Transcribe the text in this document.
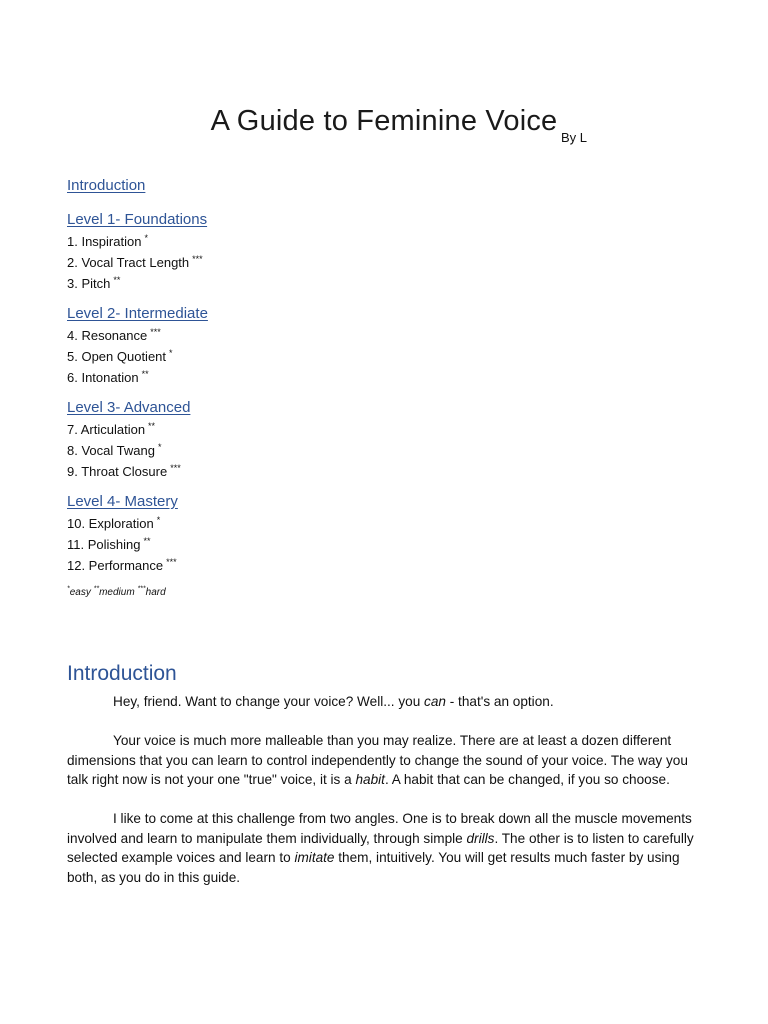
A Guide to Feminine Voice
By L
Introduction
Level 1- Foundations
1. Inspiration *
2. Vocal Tract Length ***
3. Pitch **
Level 2- Intermediate
4. Resonance ***
5. Open Quotient *
6. Intonation **
Level 3- Advanced
7. Articulation **
8. Vocal Twang *
9. Throat Closure ***
Level 4- Mastery
10. Exploration *
11. Polishing **
12. Performance ***
*easy **medium ***hard
Introduction

Hey, friend. Want to change your voice? Well... you can - that's an option.

Your voice is much more malleable than you may realize. There are at least a dozen different dimensions that you can learn to control independently to change the sound of your voice. The way you talk right now is not your one "true" voice, it is a habit. A habit that can be changed, if you so choose.

I like to come at this challenge from two angles. One is to break down all the muscle movements involved and learn to manipulate them individually, through simple drills. The other is to listen to carefully selected example voices and learn to imitate them, intuitively. You will get results much faster by using both, as you do in this guide.
